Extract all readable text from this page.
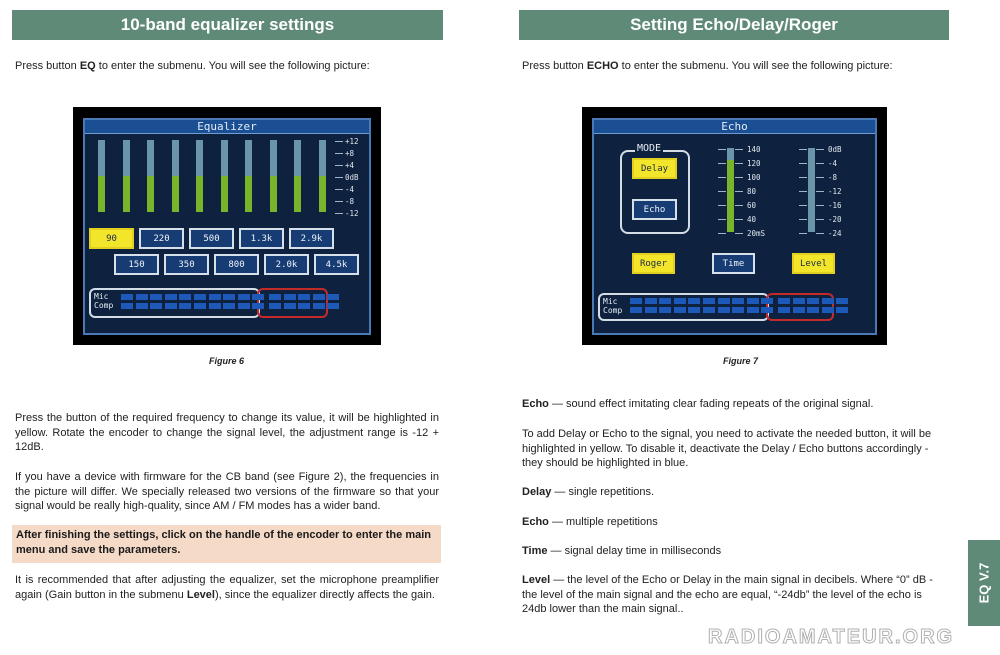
10-band equalizer settings
Press button EQ to enter the submenu. You will see the following picture:
Equalizer
+12
+8
+4
0dB
-4
-8
-12
90	220	500	1.3k	2.9k
150	350	800	2.0k	4.5k
Mic
Comp
Figure 6
Press the button of the required frequency to change its value, it will be highlighted in yellow. Rotate the encoder to change the signal level, the adjustment range is -12 + 12dB.
If you have a device with firmware for the CB band (see Figure 2), the frequencies in the picture will differ. We specially released two versions of the firmware so that your signal would be really high-quality, since AM / FM modes has a wider band.
After finishing the settings, click on the handle of the encoder to enter the main menu and save the parameters.
It is recommended that after adjusting the equalizer, set the microphone preamplifier again (Gain button in the submenu Level), since the equalizer directly affects the gain.
Setting Echo/Delay/Roger
Press button ECHO to enter the submenu. You will see the following picture:
Echo
MODE
Delay
Echo
140
120
100
80
60
40
20mS
0dB
-4
-8
-12
-16
-20
-24
Roger	Time	Level
Mic
Comp
Figure 7
Echo — sound effect imitating clear fading repeats of the original signal.
To add Delay or Echo to the signal, you need to activate the needed button, it will be highlighted in yellow. To disable it, deactivate the Delay / Echo buttons accordingly - they should be highlighted in blue.
Delay — single repetitions.
Echo — multiple repetitions
Time — signal delay time in milliseconds
Level — the level of the Echo or Delay in the main signal in decibels. Where “0” dB - the level of the main signal and the echo are equal, “-24db” the level of the echo is 24db lower than the main signal..
EQ V.7
RADIOAMATEUR.ORG
